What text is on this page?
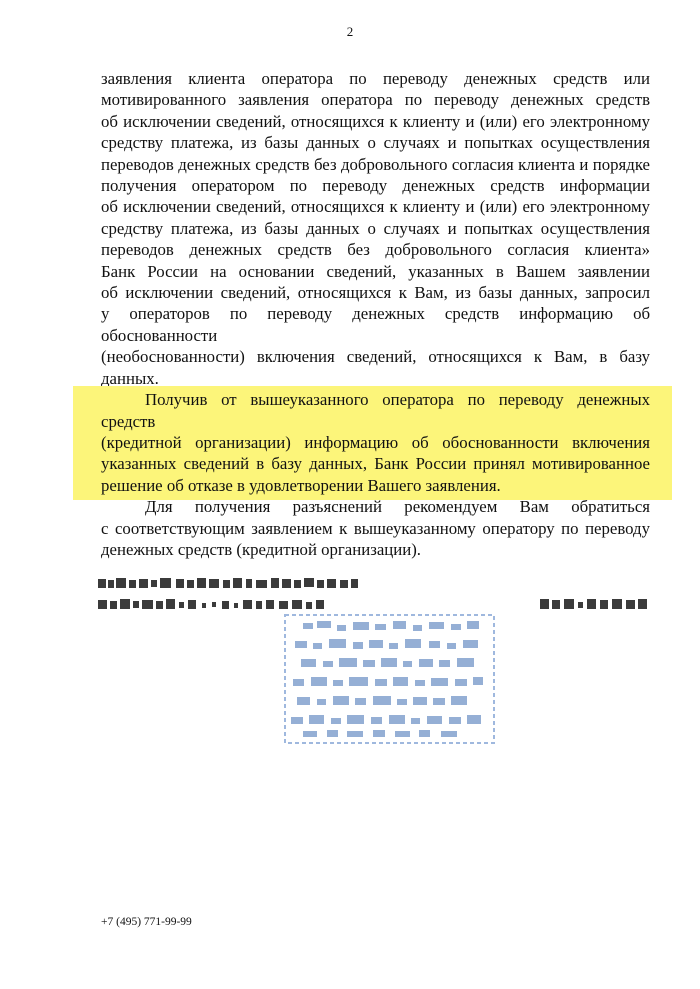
2

заявления клиента оператора по переводу денежных средств или

мотивированного заявления оператора по переводу денежных средств

об исключении сведений, относящихся к клиенту и (или) его электронному

средству платежа, из базы данных о случаях и попытках осуществления

переводов денежных средств без добровольного согласия клиента и порядке

получения оператором по переводу денежных средств информации

об исключении сведений, относящихся к клиенту и (или) его электронному

средству платежа, из базы данных о случаях и попытках осуществления

переводов денежных средств без добровольного согласия клиента»

Банк России на основании сведений, указанных в Вашем заявлении

об исключении сведений, относящихся к Вам, из базы данных, запросил

у операторов по переводу денежных средств информацию об обоснованности

(необоснованности) включения сведений, относящихся к Вам, в базу данных.

Получив от вышеуказанного оператора по переводу денежных средств

(кредитной организации) информацию об обоснованности включения

указанных сведений в базу данных, Банк России принял мотивированное

решение об отказе в удовлетворении Вашего заявления.

Для получения разъяснений рекомендуем Вам обратиться

с соответствующим заявлением к вышеуказанному оператору по переводу

денежных средств (кредитной организации).

+7 (495) 771-99-99
